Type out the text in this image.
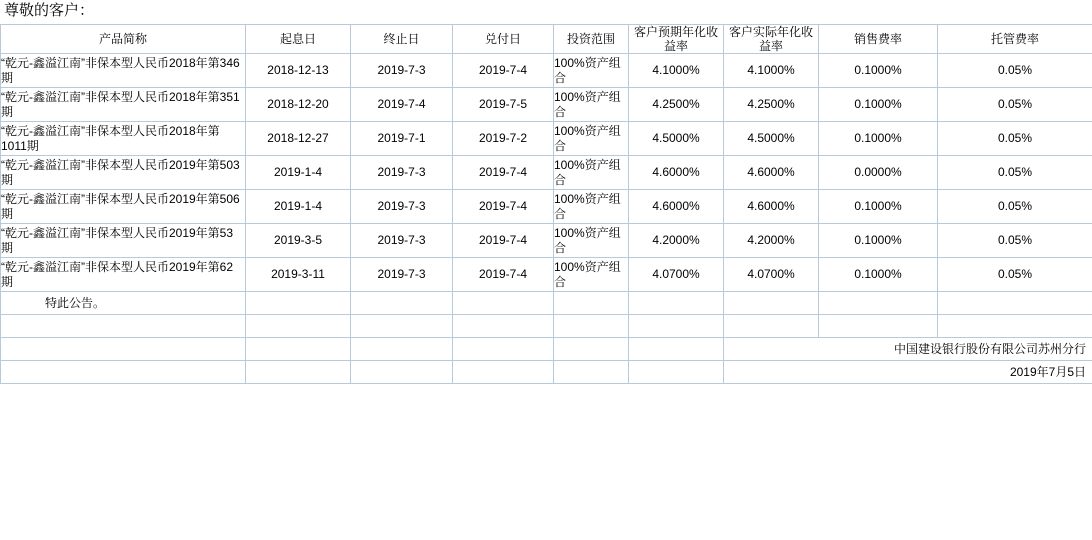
尊敬的客户：
产品简称	起息日	终止日	兑付日	投资范围	客户预期年化收益率	客户实际年化收益率	销售费率	托管费率
“乾元-鑫溢江南”非保本型人民币2018年第346期	2018-12-13	2019-7-3	2019-7-4	100%资产组合	4.1000%	4.1000%	0.1000%	0.05%
“乾元-鑫溢江南”非保本型人民币2018年第351期	2018-12-20	2019-7-4	2019-7-5	100%资产组合	4.2500%	4.2500%	0.1000%	0.05%
“乾元-鑫溢江南”非保本型人民币2018年第1011期	2018-12-27	2019-7-1	2019-7-2	100%资产组合	4.5000%	4.5000%	0.1000%	0.05%
“乾元-鑫溢江南”非保本型人民币2019年第503期	2019-1-4	2019-7-3	2019-7-4	100%资产组合	4.6000%	4.6000%	0.0000%	0.05%
“乾元-鑫溢江南”非保本型人民币2019年第506期	2019-1-4	2019-7-3	2019-7-4	100%资产组合	4.6000%	4.6000%	0.1000%	0.05%
“乾元-鑫溢江南”非保本型人民币2019年第53期	2019-3-5	2019-7-3	2019-7-4	100%资产组合	4.2000%	4.2000%	0.1000%	0.05%
“乾元-鑫溢江南”非保本型人民币2019年第62期	2019-3-11	2019-7-3	2019-7-4	100%资产组合	4.0700%	4.0700%	0.1000%	0.05%
特此公告。								

						中国建设银行股份有限公司苏州分行		
						2019年7月5日		
